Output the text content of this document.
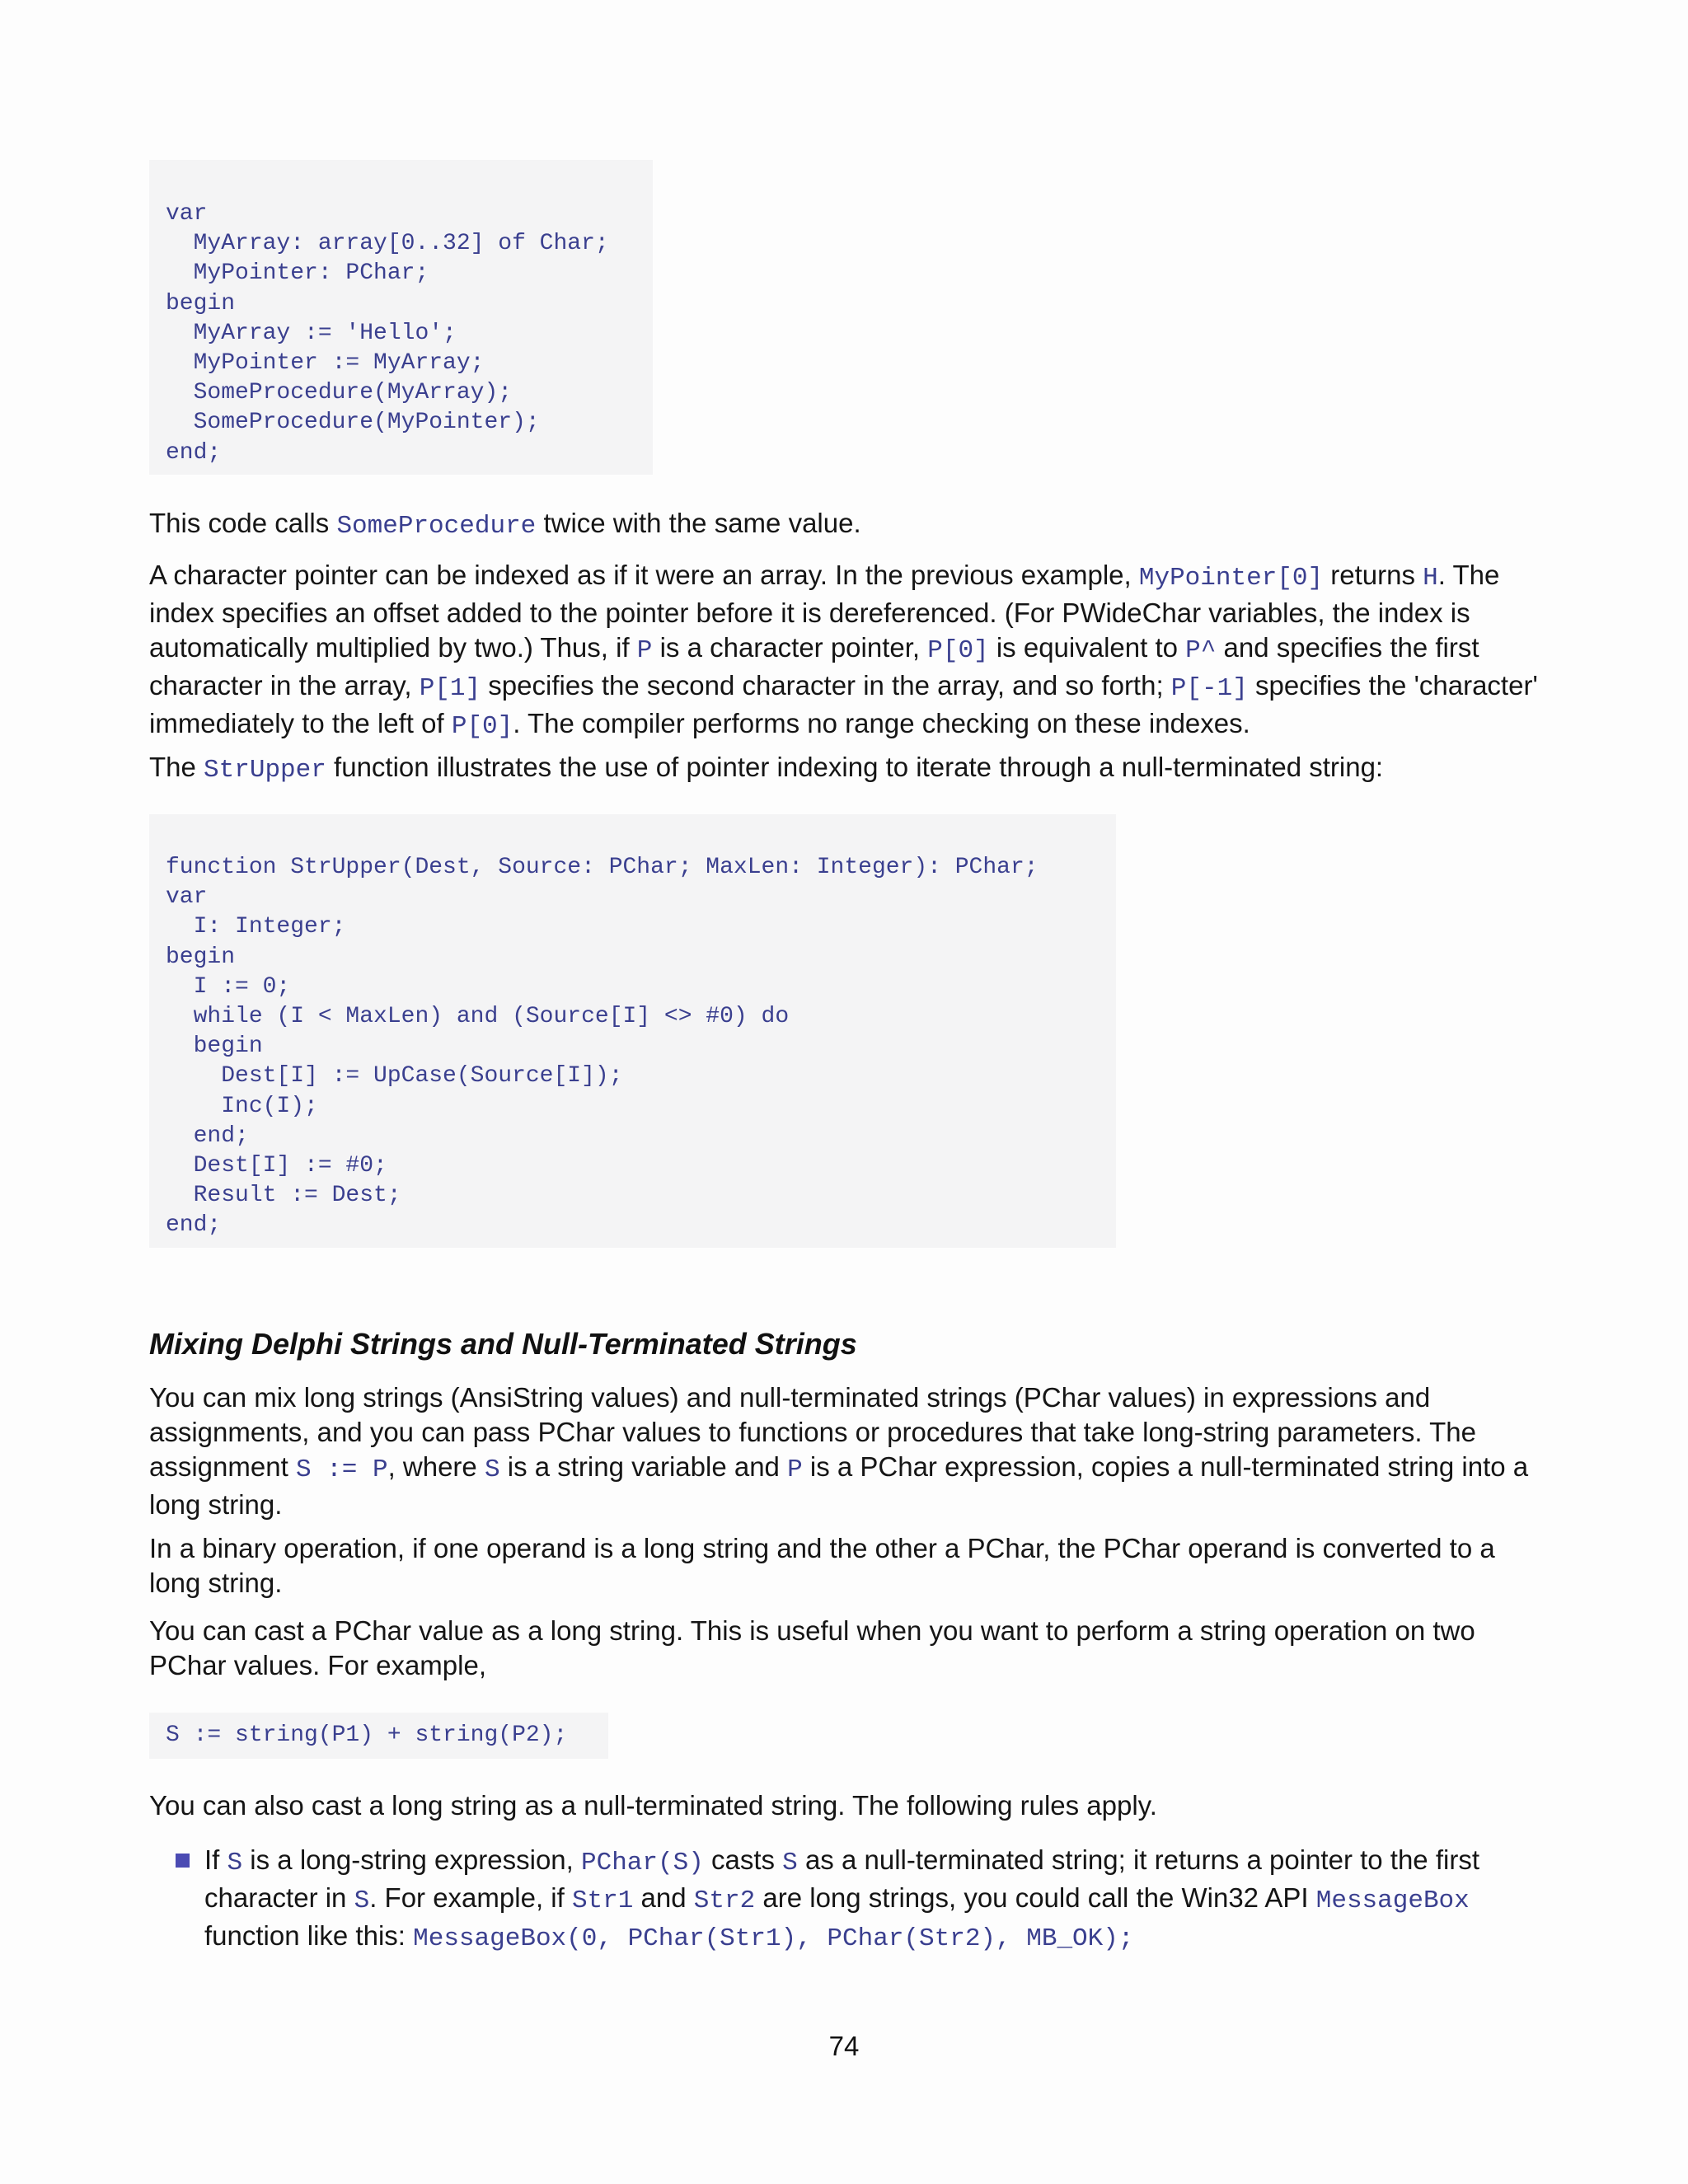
var
MyArray: array[0..32] of Char;
MyPointer: PChar;
begin
MyArray := 'Hello';
MyPointer := MyArray;
SomeProcedure(MyArray);
SomeProcedure(MyPointer);
end;
This code calls SomeProcedure twice with the same value.
A character pointer can be indexed as if it were an array. In the previous example, MyPointer[0] returns H. The index specifies an offset added to the pointer before it is dereferenced. (For PWideChar variables, the index is automatically multiplied by two.) Thus, if P is a character pointer, P[0] is equivalent to P^ and specifies the first character in the array, P[1] specifies the second character in the array, and so forth; P[-1] specifies the 'character' immediately to the left of P[0]. The compiler performs no range checking on these indexes.
The StrUpper function illustrates the use of pointer indexing to iterate through a null-terminated string:
function StrUpper(Dest, Source: PChar; MaxLen: Integer): PChar;
var
I: Integer;
begin
I := 0;
while (I < MaxLen) and (Source[I] <> #0) do
begin
Dest[I] := UpCase(Source[I]);
Inc(I);
end;
Dest[I] := #0;
Result := Dest;
end;
Mixing Delphi Strings and Null-Terminated Strings
You can mix long strings (AnsiString values) and null-terminated strings (PChar values) in expressions and assignments, and you can pass PChar values to functions or procedures that take long-string parameters. The assignment S := P, where S is a string variable and P is a PChar expression, copies a null-terminated string into a long string.
In a binary operation, if one operand is a long string and the other a PChar, the PChar operand is converted to a long string.
You can cast a PChar value as a long string. This is useful when you want to perform a string operation on two PChar values. For example,
S := string(P1) + string(P2);
You can also cast a long string as a null-terminated string. The following rules apply.
If S is a long-string expression, PChar(S) casts S as a null-terminated string; it returns a pointer to the first character in S. For example, if Str1 and Str2 are long strings, you could call the Win32 API MessageBox function like this: MessageBox(0, PChar(Str1), PChar(Str2), MB_OK);
74
